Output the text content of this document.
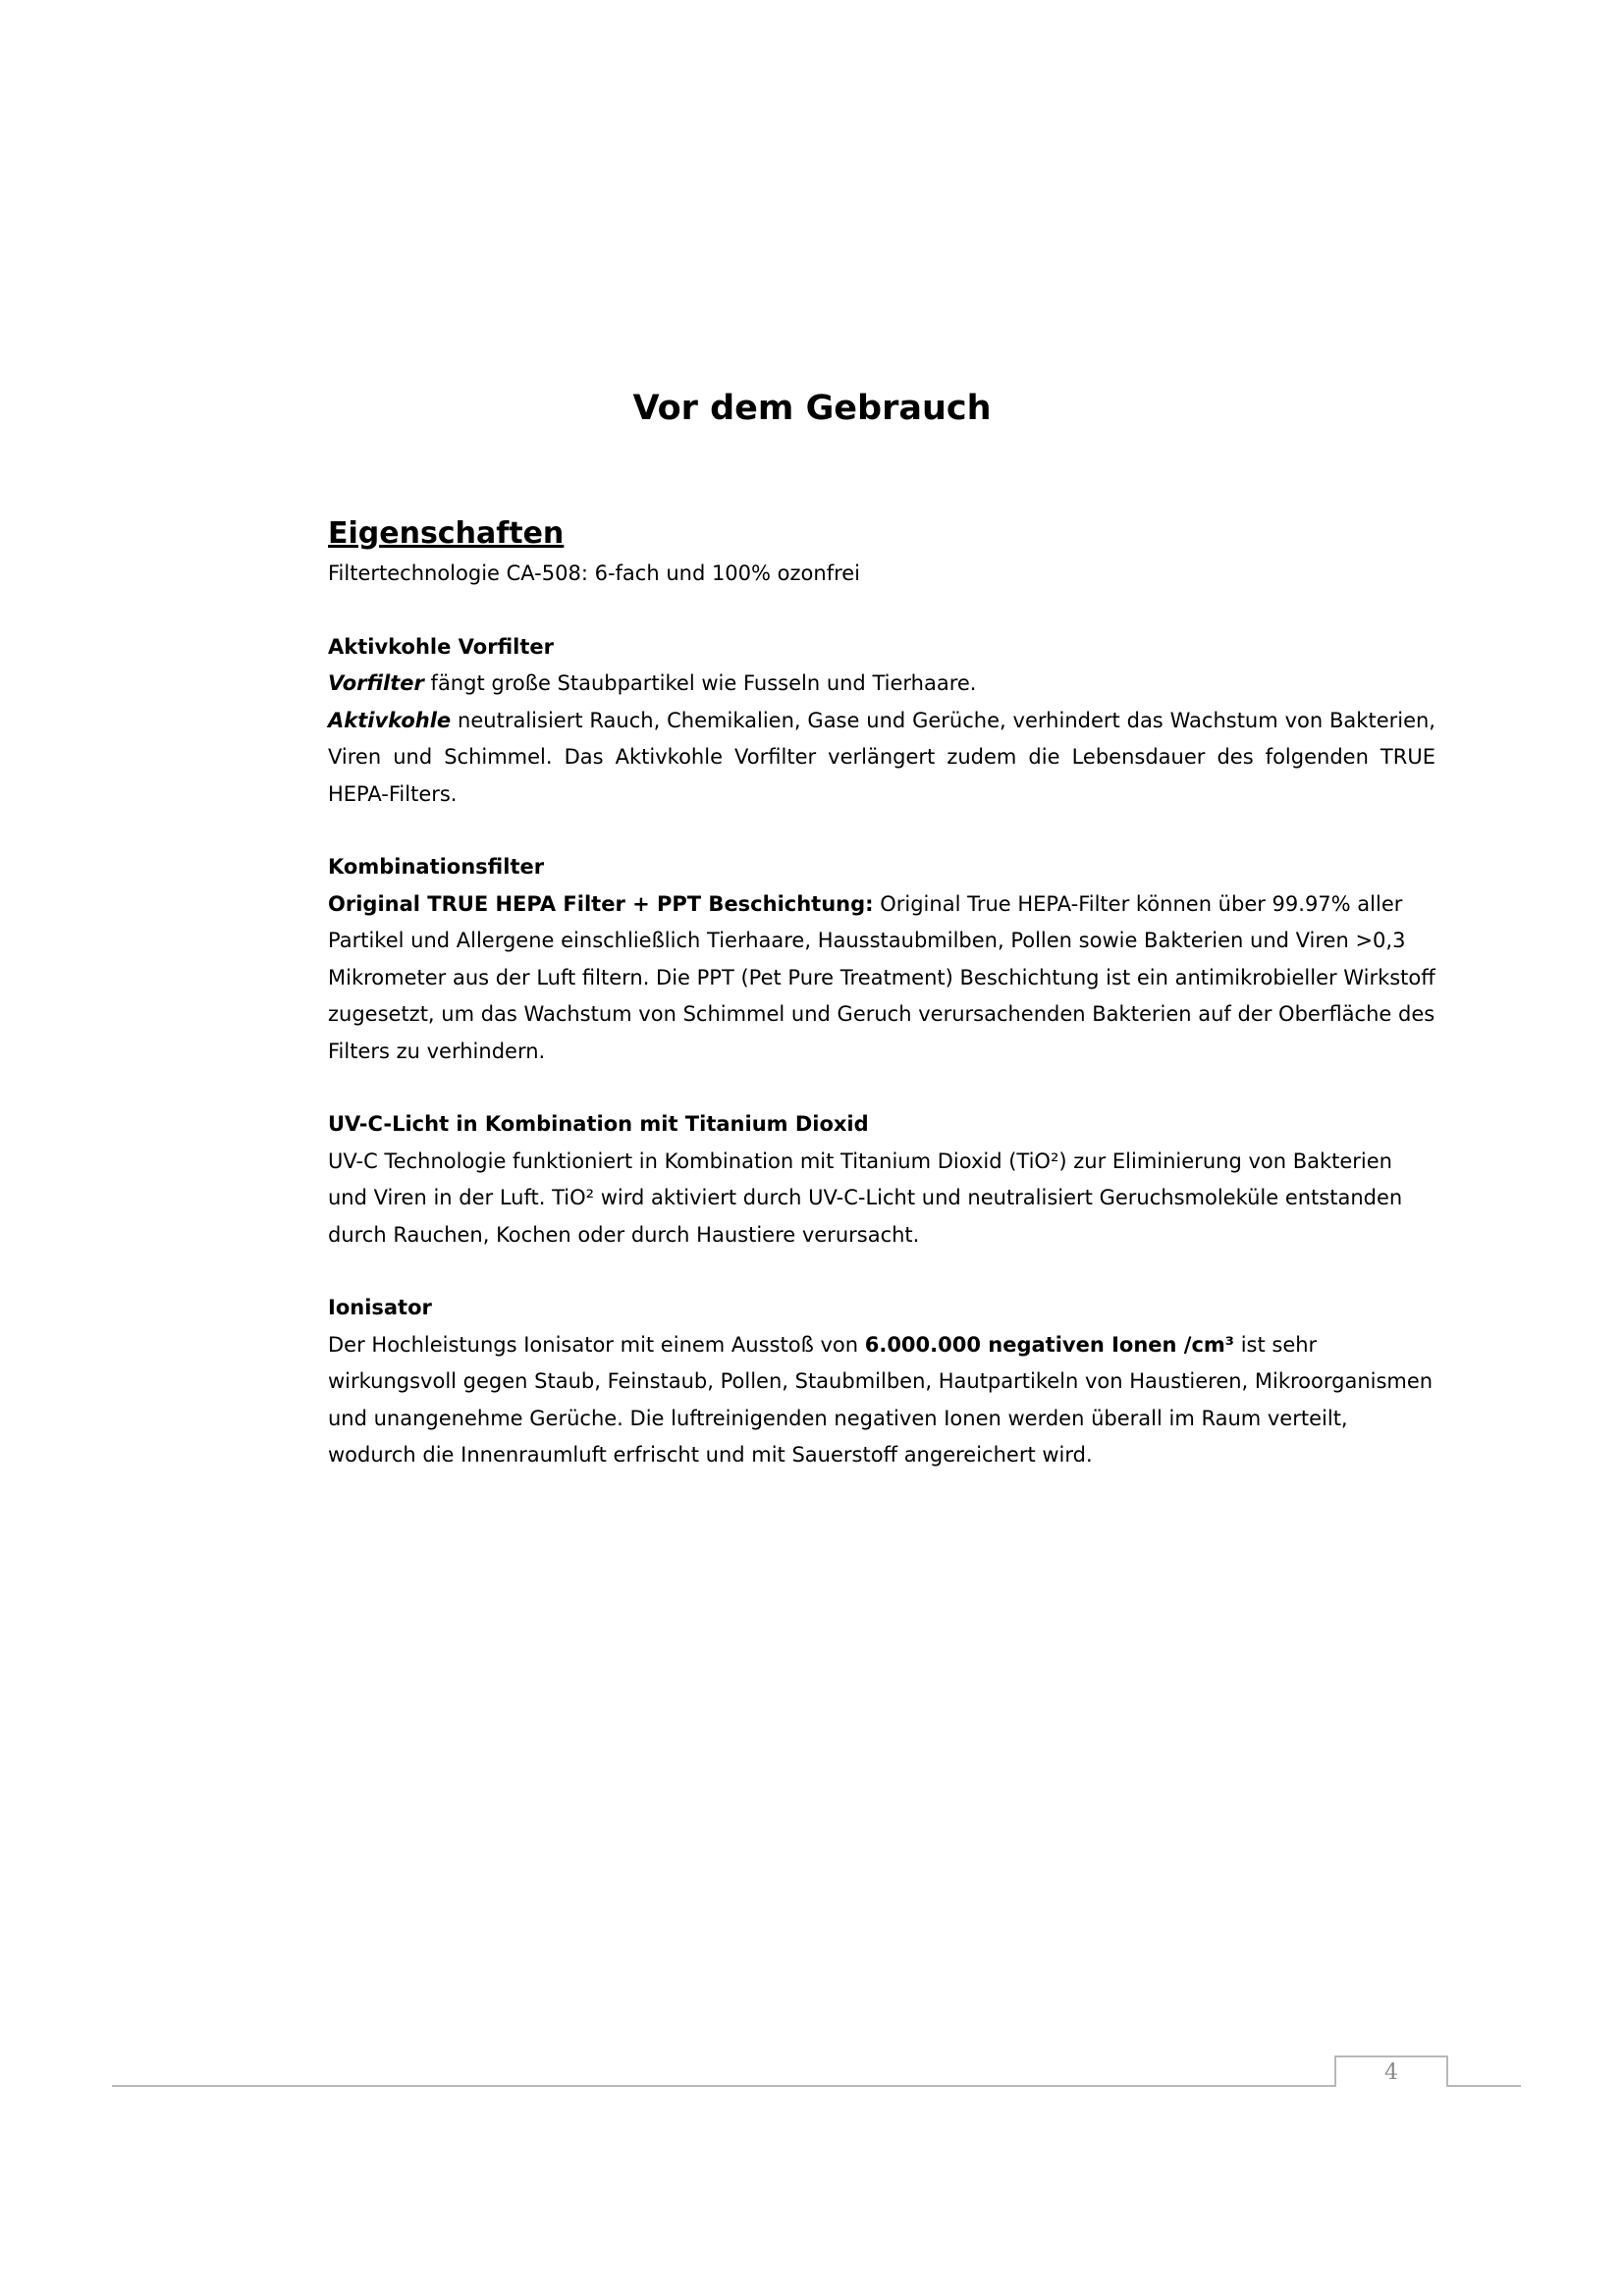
Vor dem Gebrauch
Eigenschaften

Filtertechnologie CA-508: 6-fach und 100% ozonfrei

Aktivkohle Vorfilter

Vorfilter fängt große Staubpartikel wie Fusseln und Tierhaare.

Aktivkohle neutralisiert Rauch, Chemikalien, Gase und Gerüche, verhindert das Wachstum von Bakterien, Viren und Schimmel. Das Aktivkohle Vorfilter verlängert zudem die Lebensdauer des folgenden TRUE HEPA-Filters.

Kombinationsfilter

Original TRUE HEPA Filter + PPT Beschichtung: Original True HEPA-Filter können über 99.97% aller Partikel und Allergene einschließlich Tierhaare, Hausstaubmilben, Pollen sowie Bakterien und Viren >0,3 Mikrometer aus der Luft filtern. Die PPT (Pet Pure Treatment) Beschichtung ist ein antimikrobieller Wirkstoff zugesetzt, um das Wachstum von Schimmel und Geruch verursachenden Bakterien auf der Oberfläche des Filters zu verhindern.

UV-C-Licht in Kombination mit Titanium Dioxid

UV-C Technologie funktioniert in Kombination mit Titanium Dioxid (TiO²) zur Eliminierung von Bakterien und Viren in der Luft. TiO² wird aktiviert durch UV-C-Licht und neutralisiert Geruchsmoleküle entstanden durch Rauchen, Kochen oder durch Haustiere verursacht.

Ionisator

Der Hochleistungs Ionisator mit einem Ausstoß von 6.000.000 negativen Ionen /cm³ ist sehr wirkungsvoll gegen Staub, Feinstaub, Pollen, Staubmilben, Hautpartikeln von Haustieren, Mikroorganismen und unangenehme Gerüche. Die luftreinigenden negativen Ionen werden überall im Raum verteilt, wodurch die Innenraumluft erfrischt und mit Sauerstoff angereichert wird.

4
